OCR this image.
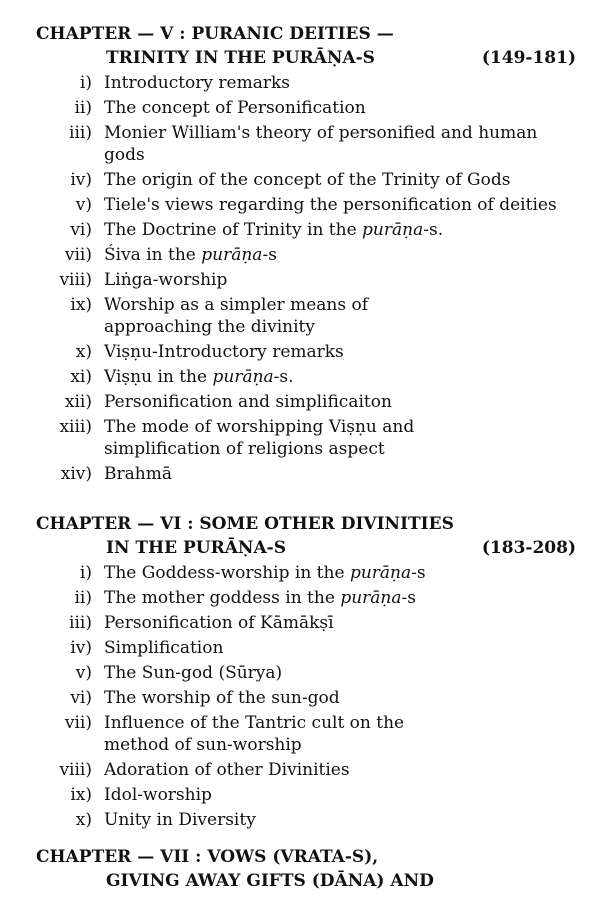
CHAPTER — V : PURANIC DEITIES —
TRINITY IN THE PURĀṆA-S	(149-181)
i) Introductory remarks
ii) The concept of Personification
iii) Monier William's theory of personified and human gods
iv) The origin of the concept of the Trinity of Gods
v) Tiele's views regarding the personification of deities
vi) The Doctrine of Trinity in the purāṇa-s.
vii) Śiva in the purāṇa-s
viii) Liṅga-worship
ix) Worship as a simpler means of approaching the divinity
x) Viṣṇu-Introductory remarks
xi) Viṣṇu in the purāṇa-s.
xii) Personification and simplificaiton
xiii) The mode of worshipping Viṣṇu and simplification of religions aspect
xiv) Brahmā
CHAPTER — VI : SOME OTHER DIVINITIES
IN THE PURĀṆA-S	(183-208)
i) The Goddess-worship in the purāṇa-s
ii) The mother goddess in the purāṇa-s
iii) Personification of Kāmākṣī
iv) Simplification
v) The Sun-god (Sūrya)
vi) The worship of the sun-god
vii) Influence of the Tantric cult on the method of sun-worship
viii) Adoration of other Divinities
ix) Idol-worship
x) Unity in Diversity
CHAPTER — VII : VOWS (VRATA-S),
GIVING AWAY GIFTS (DĀNA) AND
